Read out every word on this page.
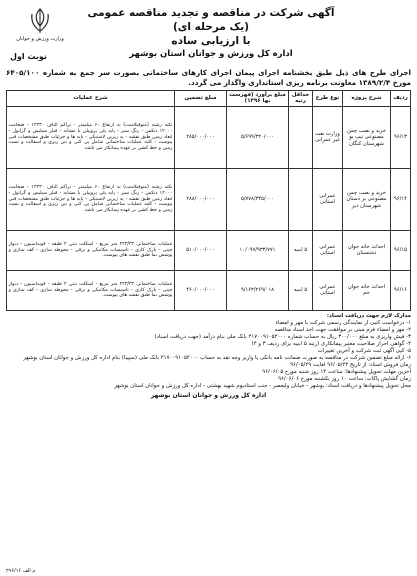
وزارت ورزش و جوانان
آگهی شرکت در مناقصه و تجدید مناقصه عمومی (یک مرحله ای)
با ارزیابی ساده
اداره کل ورزش و جوانان استان بوشهر
نوبت اول
اجرای طرح های ذیل طبق بخشنامه اجرای پیمان اجرای کارهای ساختمانی بصورت سر جمع به شماره ۶۴۰۵/۱۰۰ مورخ ۱۳۸۹/۲/۴ معاونت برنامه ریزی استانداری واگذار می گردد.
ردیف	شرح پروژه	نوع طرح	حداقل رتبه	مبلغ برآورد (فهرست بها ۱۳۹۶)	مبلغ تضمین	شرح عملیات
۹۶/۱۳	خرید و نصب چمن مصنوعی تیپ یو شهرستان کنگان	وزارت نفت غیر عمرانی		۵/۶۹۹/۳۲۰/۰۰۰	۲۸۵/۰۰۰/۰۰۰	نکته رشته (منوفیلامنت) به ارتفاع ۶۰ میلیمتر - تراکم الیاف ۱۳۲۳۰ - ضخامت ۱۲۰۰۰ دتکس - رنگ سبز - پایه پلی پروپیلن یا مشابه - فیلر سیلیس و گرانول - ابعاد زمین طبق نقشه - پد زیرین لاستیکی - پایه ها و جزئیات طبق مشخصات فنی پیوست - کلیه عملیات ساختمانی شامل پی کنی و بتن ریزی و آسفالت و تست زمین و خط کشی بر عهده پیمانکار می باشد.
۹۶/۱۴	خرید و نصب چمن مصنوعی بر دستان شهرستان دیر	عمرانی استانی		۵/۷۷۸/۳۴۵/۰۰۰	۲۸۸/۰۰۰/۰۰۰	نکته رشته (منوفیلامنت) به ارتفاع ۶۰ میلیمتر - تراکم الیاف ۱۳۲۳۰ - ضخامت ۱۲۰۰۰ دتکس - رنگ سبز - پایه پلی پروپیلن یا مشابه - فیلر سیلیس و گرانول - ابعاد زمین طبق نقشه - پد زیرین لاستیکی - پایه ها و جزئیات طبق مشخصات فنی پیوست - کلیه عملیات ساختمانی شامل پی کنی و بتن ریزی و آسفالت و تست زمین و خط کشی بر عهده پیمانکار می باشد.
۹۶/۱۵	احداث خانه جوان دشتستان	عمرانی استانی	۵ ابنیه	۱۰/۰۹۷/۹۳۳/۷۷۱	۵۱۰/۰۰۰/۰۰۰	عملیات ساختمانی ۲۲۳/۳۲ متر مربع - اسکلت بتنی ۲ طبقه - فونداسیون - دیوار چینی - نازک کاری - تاسیسات مکانیکی و برقی - محوطه سازی - کف سازی و پوشش نما طبق نقشه های پیوست.
۹۶/۱۶	احداث خانه جوان جم	عمرانی استانی	۵ ابنیه	۹/۱۶۳/۲۶۹/۰۱۸	۴۶۰/۰۰۰/۰۰۰	عملیات ساختمانی ۲۲۳/۳۲ متر مربع - اسکلت بتنی ۲ طبقه - فونداسیون - دیوار چینی - نازک کاری - تاسیسات مکانیکی و برقی - محوطه سازی - کف سازی و پوشش نما طبق نقشه های پیوست.

مدارک لازم جهت دریافت اسناد:

۱- درخواست کتبی از نمایندگی رسمی شرکت با مهر و امضاء

۲- مهر و امضاء فرم مبنی بر موافقت جهت اخذ اسناد مناقصه

۳- فیش واریزی به مبلغ ۳۰۰/۰۰۰ ریال به حساب شماره ۲۱۷۰۰۹۱۰۵۴۰۰۰ بانک ملی بنام درآمد (جهت دریافت اسناد)

۴- گواهی احراز صلاحیت معتبر پیمانکاری (رتبه ۵ ابنیه برای ردیف ۳ و ۴)

۵- کپی آگهی ثبت شرکت و آخرین تغییرات

۶- ارائه مبلغ تضمین شرکت در مناقصه به صورت ضمانت نامه بانکی یا واریز وجه نقد به حساب ۲۱۷۰۰۹۱۰۵۴۰۰۰ بانک ملی (سپیبا) بنام اداره کل ورزش و جوانان استان بوشهر

زمان فروش اسناد: از تاریخ ۹۶/۰۵/۲۲ لغایت ۹۶/۰۵/۲۹

آخرین مهلت تحویل پیشنهادها: ساعت ۱۴ روز شنبه مورخ ۹۶/۰۶/۰۵

زمان گشایش پاکات: ساعت ۱۰ روز یکشنبه مورخ ۹۶/۰۶/۰۶

محل تحویل پیشنهادها و دریافت اسناد: بوشهر - خیابان ولیعصر - جنب استادیوم شهید بهشتی - اداره کل ورزش و جوانان استان بوشهر

اداره کل ورزش و جوانان استان بوشهر
م الف ۲۹۶/۱۶
